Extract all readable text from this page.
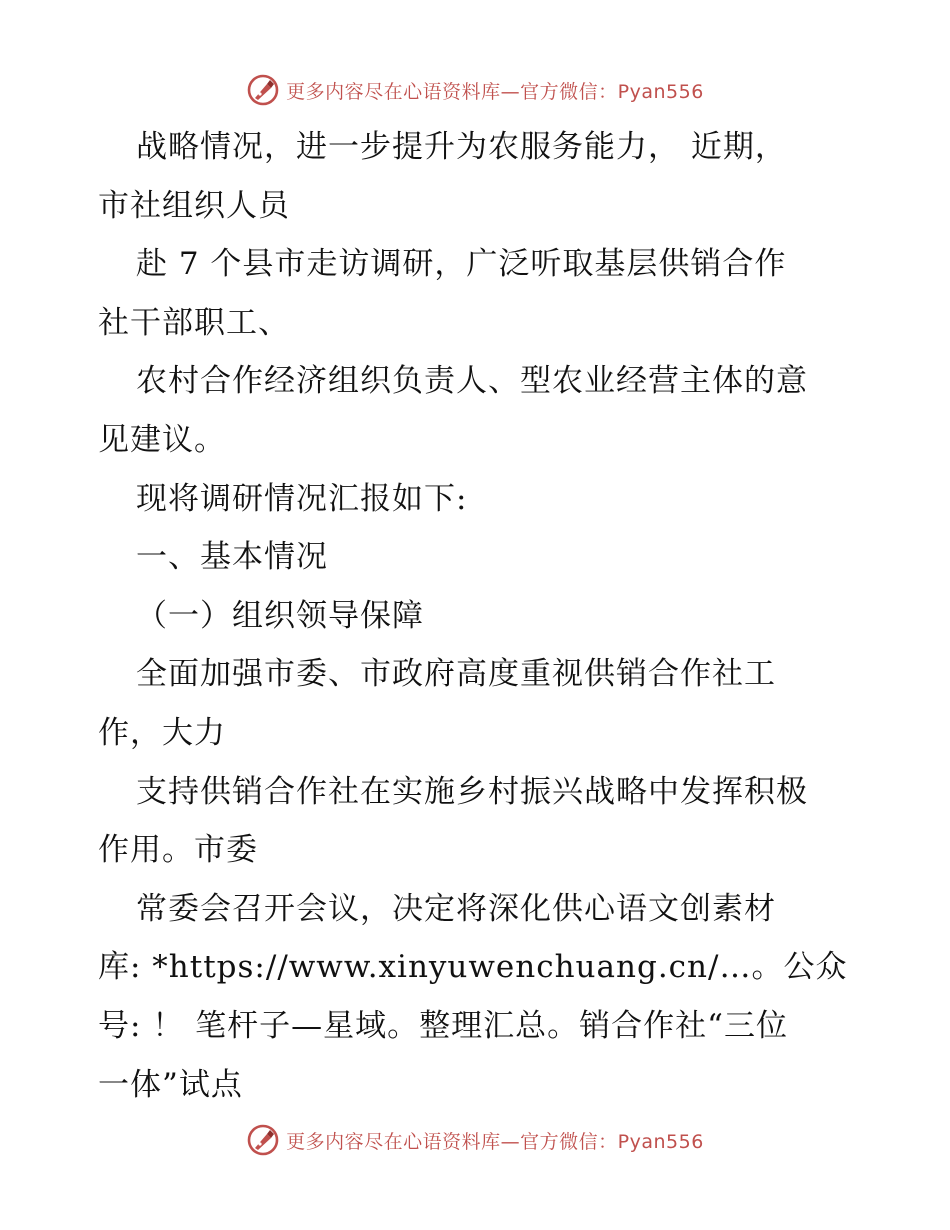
更多内容尽在心语资料库—官方微信：Pyan556
战略情况，进一步提升为农服务能力， 近期，
市社组织人员
赴 7 个县市走访调研，广泛听取基层供销合作
社干部职工、
农村合作经济组织负责人、型农业经营主体的意
见建议。
现将调研情况汇报如下:
一、基本情况
（一）组织领导保障
全面加强市委、市政府高度重视供销合作社工
作，大力
支持供销合作社在实施乡村振兴战略中发挥积极
作用。市委
常委会召开会议，决定将深化供心语文创素材
库: *https://www.xinyuwenchuang.cn/…。公众
号: ！ 笔杆子—星域。整理汇总。销合作社“三位
一体”试点
更多内容尽在心语资料库—官方微信：Pyan556
